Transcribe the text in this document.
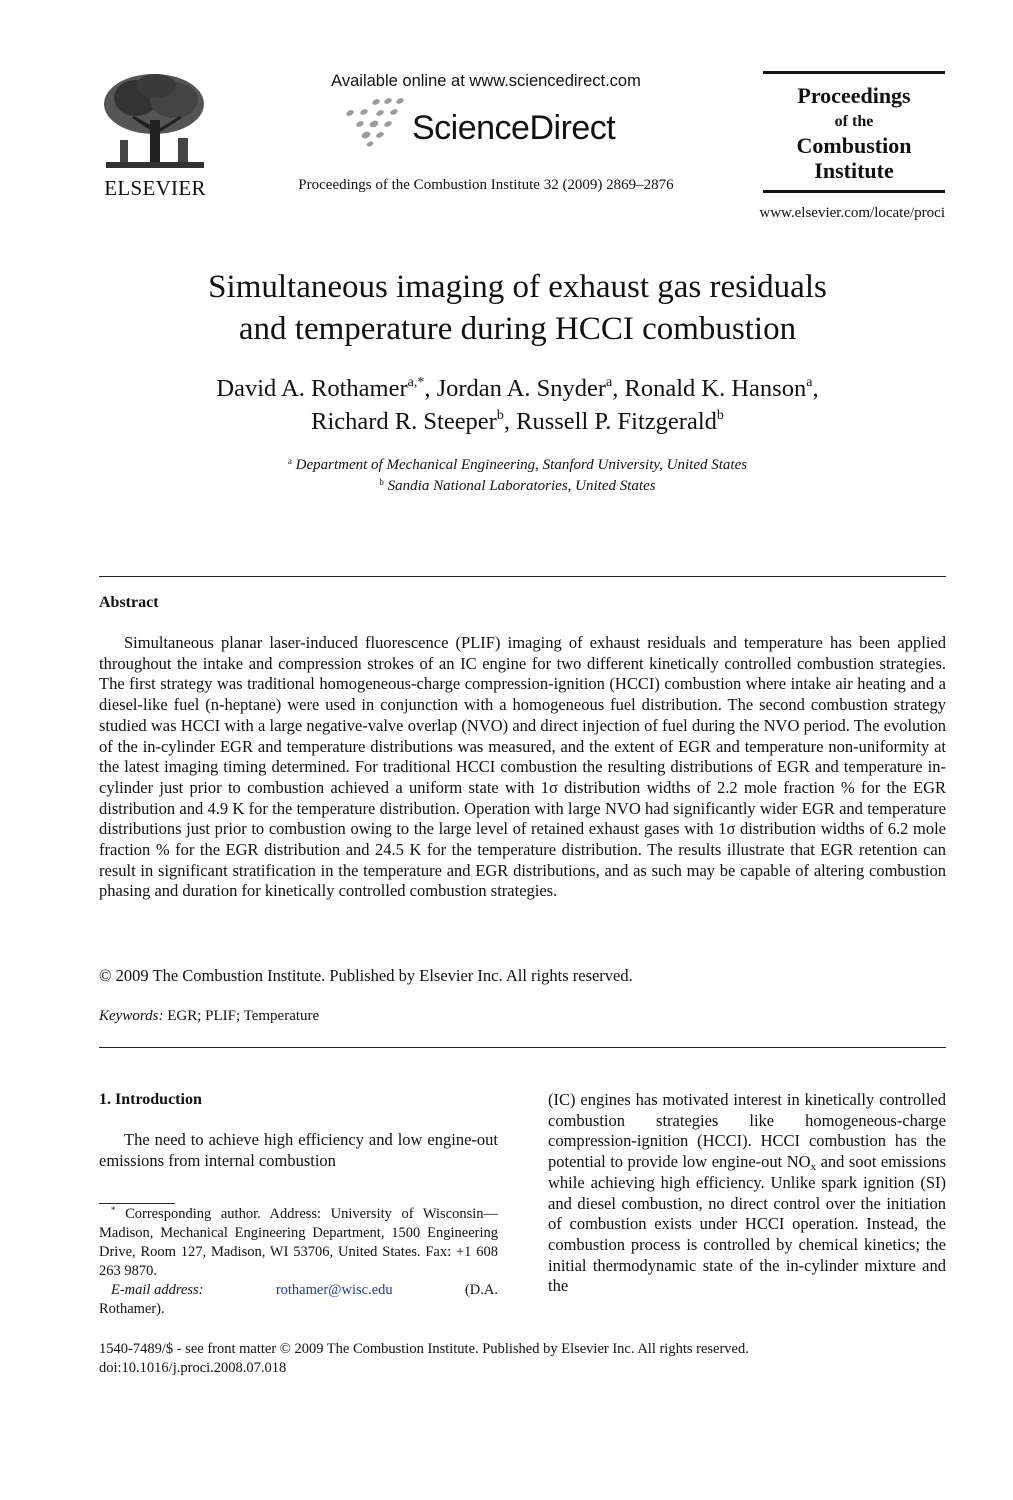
ELSEVIER
Available online at www.sciencedirect.com
ScienceDirect
Proceedings of the Combustion Institute 32 (2009) 2869–2876
Proceedings
of the
Combustion
Institute
www.elsevier.com/locate/proci
Simultaneous imaging of exhaust gas residuals
and temperature during HCCI combustion
David A. Rothamer$^{a,*}$, Jordan A. Snyder$^a$, Ronald K. Hanson$^a$,
Richard R. Steeper$^b$, Russell P. Fitzgerald$^b$
$^a$ Department of Mechanical Engineering, Stanford University, United States
$^b$ Sandia National Laboratories, United States
Abstract
Simultaneous planar laser-induced fluorescence (PLIF) imaging of exhaust residuals and temperature has been applied throughout the intake and compression strokes of an IC engine for two different kinetically controlled combustion strategies. The first strategy was traditional homogeneous-charge compression-ignition (HCCI) combustion where intake air heating and a diesel-like fuel (n-heptane) were used in conjunction with a homogeneous fuel distribution. The second combustion strategy studied was HCCI with a large negative-valve overlap (NVO) and direct injection of fuel during the NVO period. The evolution of the in-cylinder EGR and temperature distributions was measured, and the extent of EGR and temperature non-uniformity at the latest imaging timing determined. For traditional HCCI combustion the resulting distributions of EGR and temperature in-cylinder just prior to combustion achieved a uniform state with 1σ distribution widths of 2.2 mole fraction % for the EGR distribution and 4.9 K for the temperature distribution. Operation with large NVO had significantly wider EGR and temperature distributions just prior to combustion owing to the large level of retained exhaust gases with 1σ distribution widths of 6.2 mole fraction % for the EGR distribution and 24.5 K for the temperature distribution. The results illustrate that EGR retention can result in significant stratification in the temperature and EGR distributions, and as such may be capable of altering combustion phasing and duration for kinetically controlled combustion strategies.
© 2009 The Combustion Institute. Published by Elsevier Inc. All rights reserved.
Keywords: EGR; PLIF; Temperature
1. Introduction
The need to achieve high efficiency and low engine-out emissions from internal combustion
* Corresponding author. Address: University of Wisconsin—Madison, Mechanical Engineering Department, 1500 Engineering Drive, Room 127, Madison, WI 53706, United States. Fax: +1 608 263 9870.
E-mail address:	rothamer@wisc.edu	(D.A.
Rothamer).
(IC) engines has motivated interest in kinetically controlled combustion strategies like homogeneous-charge compression-ignition (HCCI). HCCI combustion has the potential to provide low engine-out $NO_x$ and soot emissions while achieving high efficiency. Unlike spark ignition (SI) and diesel combustion, no direct control over the initiation of combustion exists under HCCI operation. Instead, the combustion process is controlled by chemical kinetics; the initial thermodynamic state of the in-cylinder mixture and the
1540-7489/$ - see front matter © 2009 The Combustion Institute. Published by Elsevier Inc. All rights reserved.
doi:10.1016/j.proci.2008.07.018
